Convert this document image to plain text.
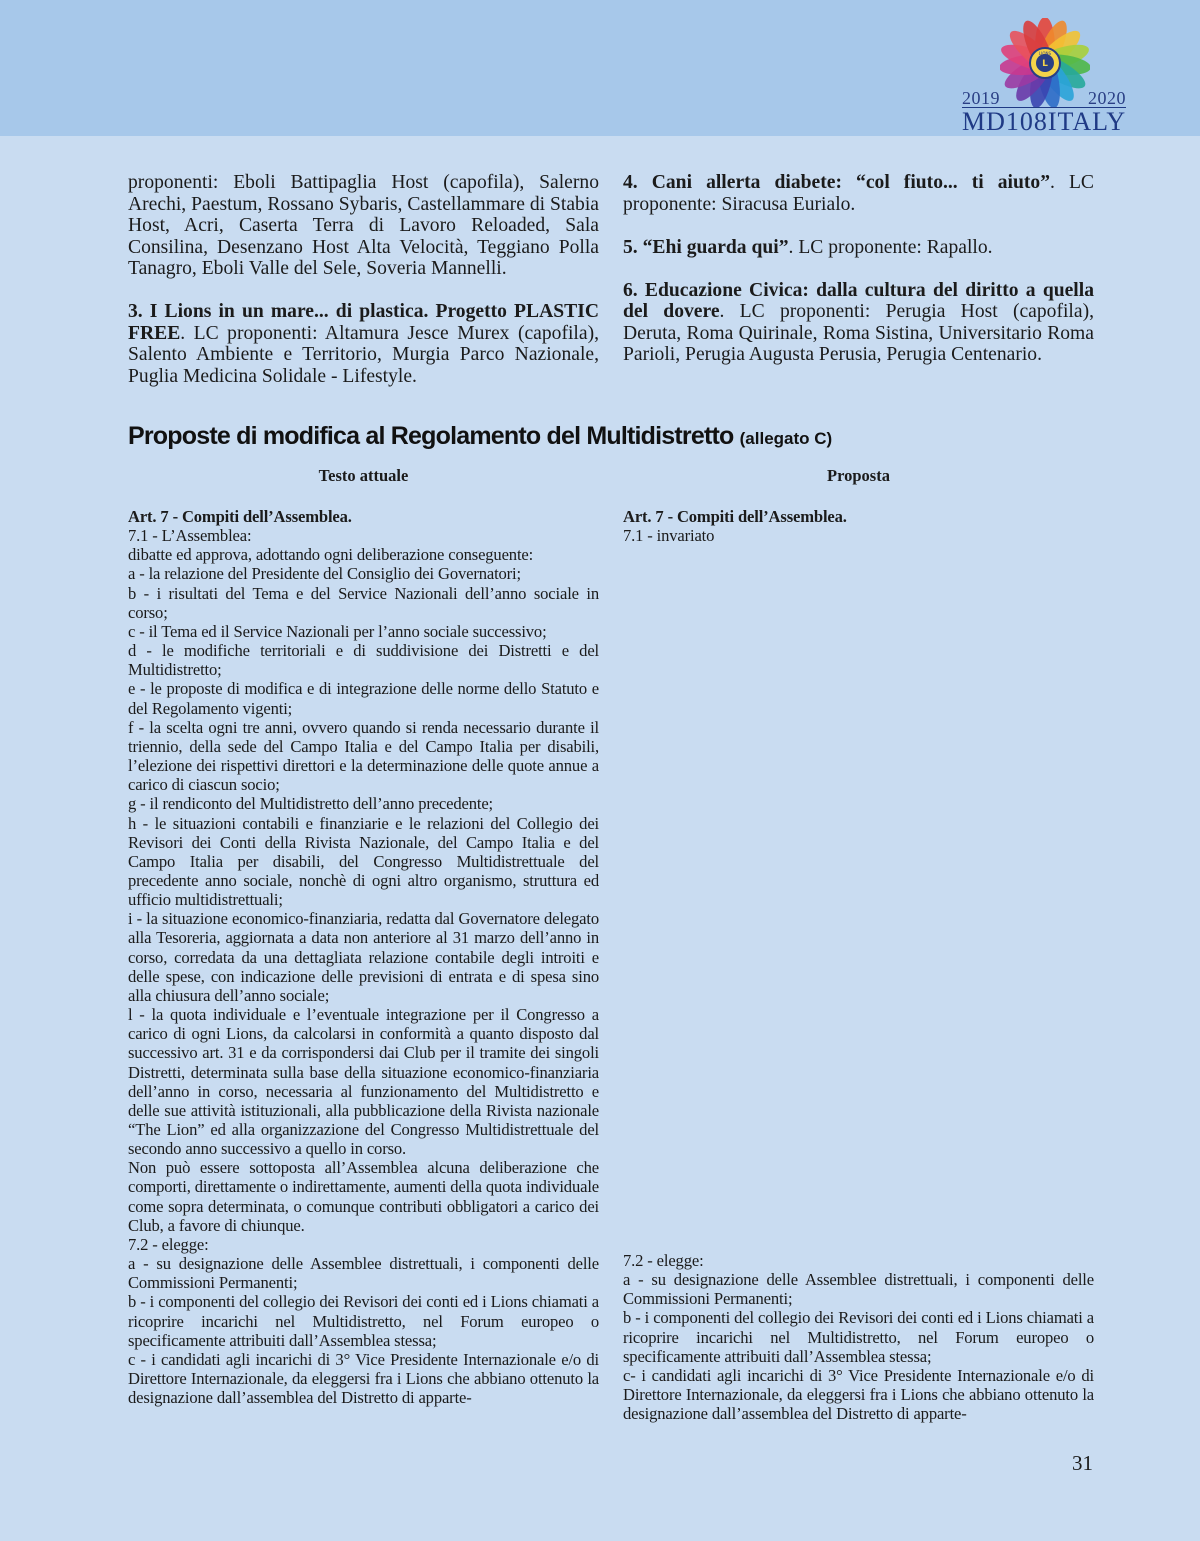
LIONS
L
2019	2020
MD108ITALY

proponenti: Eboli Battipaglia Host (capofila), Salerno Arechi, Paestum, Rossano Sybaris, Castellammare di Stabia Host, Acri, Caserta Terra di Lavoro Reloaded, Sala Consilina, Desenzano Host Alta Velocità, Teggiano Polla Tanagro, Eboli Valle del Sele, Soveria Mannelli.

3. I Lions in un mare... di plastica. Progetto PLASTIC FREE. LC proponenti: Altamura Jesce Murex (capofila), Salento Ambiente e Territorio, Murgia Parco Nazionale, Puglia Medicina Solidale - Lifestyle.

4. Cani allerta diabete: “col fiuto... ti aiuto”. LC proponente: Siracusa Eurialo.

5. “Ehi guarda qui”. LC proponente: Rapallo.

6. Educazione Civica: dalla cultura del diritto a quella del dovere. LC proponenti: Perugia Host (capofila), Deruta, Roma Quirinale, Roma Sistina, Universitario Roma Parioli, Perugia Augusta Perusia, Perugia Centenario.

Proposte di modifica al Regolamento del Multidistretto (allegato C)
Testo attuale	Proposta
Art. 7 - Compiti dell’Assemblea.
7.1 - L’Assemblea:
dibatte ed approva, adottando ogni deliberazione conseguente:
a - la relazione del Presidente del Consiglio dei Governatori;
b - i risultati del Tema e del Service Nazionali dell’anno sociale in corso;
c - il Tema ed il Service Nazionali per l’anno sociale successivo;
d - le modifiche territoriali e di suddivisione dei Distretti e del Multidistretto;
e - le proposte di modifica e di integrazione delle norme dello Statuto e del Regolamento vigenti;
f - la scelta ogni tre anni, ovvero quando si renda necessario durante il triennio, della sede del Campo Italia e del Campo Italia per disabili, l’elezione dei rispettivi direttori e la determinazione delle quote annue a carico di ciascun socio;
g - il rendiconto del Multidistretto dell’anno precedente;
h - le situazioni contabili e finanziarie e le relazioni del Collegio dei Revisori dei Conti della Rivista Nazionale, del Campo Italia e del Campo Italia per disabili, del Congresso Multidistrettuale del precedente anno sociale, nonchè di ogni altro organismo, struttura ed ufficio multidistrettuali;
i - la situazione economico-finanziaria, redatta dal Governatore delegato alla Tesoreria, aggiornata a data non anteriore al 31 marzo dell’anno in corso, corredata da una dettagliata relazione contabile degli introiti e delle spese, con indicazione delle previsioni di entrata e di spesa sino alla chiusura dell’anno sociale;
l - la quota individuale e l’eventuale integrazione per il Congresso a carico di ogni Lions, da calcolarsi in conformità a quanto disposto dal successivo art. 31 e da corrispondersi dai Club per il tramite dei singoli Distretti, determinata sulla base della situazione economico-finanziaria dell’anno in corso, necessaria al funzionamento del Multidistretto e delle sue attività istituzionali, alla pubblicazione della Rivista nazionale “The Lion” ed alla organizzazione del Congresso Multidistrettuale del secondo anno successivo a quello in corso.
Non può essere sottoposta all’Assemblea alcuna deliberazione che comporti, direttamente o indirettamente, aumenti della quota individuale come sopra determinata, o comunque contributi obbligatori a carico dei Club, a favore di chiunque.
7.2 - elegge:
a - su designazione delle Assemblee distrettuali, i componenti delle Commissioni Permanenti;
b - i componenti del collegio dei Revisori dei conti ed i Lions chiamati a ricoprire incarichi nel Multidistretto, nel Forum europeo o specificamente attribuiti dall’Assemblea stessa;
c - i candidati agli incarichi di 3° Vice Presidente Internazionale e/o di Direttore Internazionale, da eleggersi fra i Lions che abbiano ottenuto la designazione dall’assemblea del Distretto di apparte-
Art. 7 - Compiti dell’Assemblea.
7.1 - invariato
7.2 - elegge:
a - su designazione delle Assemblee distrettuali, i componenti delle Commissioni Permanenti;
b - i componenti del collegio dei Revisori dei conti ed i Lions chiamati a ricoprire incarichi nel Multidistretto, nel Forum europeo o specificamente attribuiti dall’Assemblea stessa;
c- i candidati agli incarichi di 3° Vice Presidente Internazionale e/o di Direttore Internazionale, da eleggersi fra i Lions che abbiano ottenuto la designazione dall’assemblea del Distretto di apparte-
31
